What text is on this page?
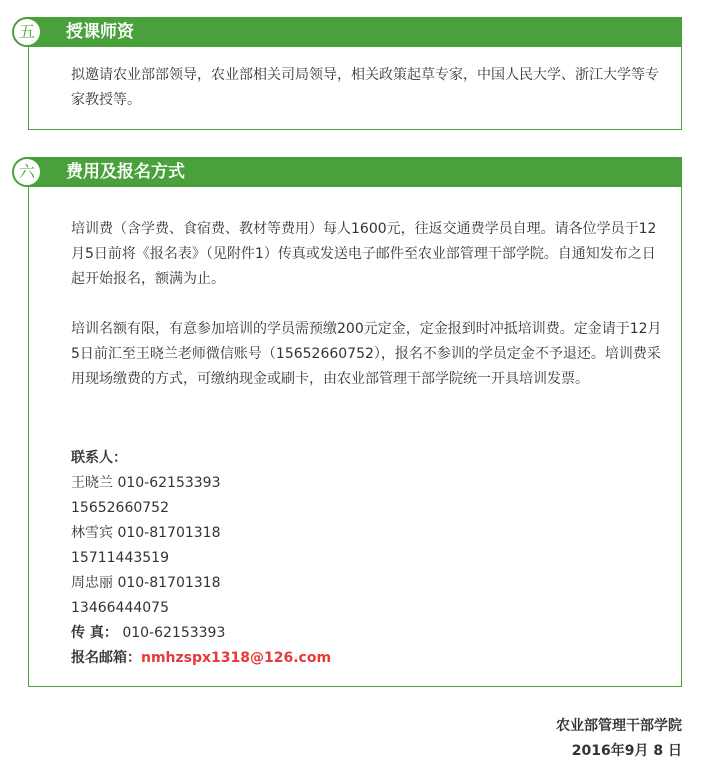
授课师资
五

拟邀请农业部部领导，农业部相关司局领导，相关政策起草专家，中国人民大学、浙江大学等专家教授等。

费用及报名方式
六

培训费（含学费、食宿费、教材等费用）每人1600元，往返交通费学员自理。请各位学员于12月5日前将《报名表》（见附件1）传真或发送电子邮件至农业部管理干部学院。自通知发布之日起开始报名，额满为止。

培训名额有限，有意参加培训的学员需预缴200元定金，定金报到时冲抵培训费。定金请于12月5日前汇至王晓兰老师微信账号（15652660752），报名不参训的学员定金不予退还。培训费采用现场缴费的方式，可缴纳现金或刷卡，由农业部管理干部学院统一开具培训发票。

联系人：
王晓兰 010-62153393
15652660752
林雪宾 010-81701318
15711443519
周忠丽 010-81701318
13466444075
传 真： 010-62153393
报名邮箱：nmhzspx1318@126.com
农业部管理干部学院
2016年9月 8 日
